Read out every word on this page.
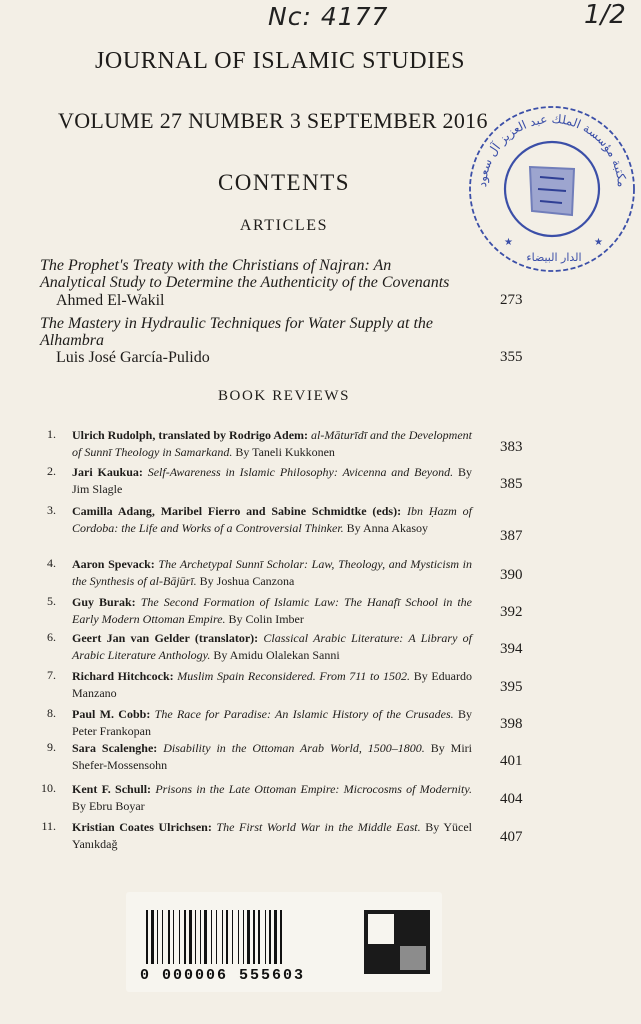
Nc: 4177	1/2
JOURNAL OF ISLAMIC STUDIES
VOLUME 27 NUMBER 3 SEPTEMBER 2016
CONTENTS
ARTICLES
The Prophet's Treaty with the Christians of Najran: An
Analytical Study to Determine the Authenticity of the Covenants
Ahmed El-Wakil	273
The Mastery in Hydraulic Techniques for Water Supply at the
Alhambra
Luis José García-Pulido	355
BOOK REVIEWS
1. Ulrich Rudolph, translated by Rodrigo Adem: al-Māturīdī and the Development of Sunnī Theology in Samarkand. By Taneli Kukkonen	383
2. Jari Kaukua: Self-Awareness in Islamic Philosophy: Avicenna and Beyond. By Jim Slagle	385
3. Camilla Adang, Maribel Fierro and Sabine Schmidtke (eds): Ibn Ḥazm of Cordoba: the Life and Works of a Controversial Thinker. By Anna Akasoy	387
4. Aaron Spevack: The Archetypal Sunnī Scholar: Law, Theology, and Mysticism in the Synthesis of al-Bājūrī. By Joshua Canzona	390
5. Guy Burak: The Second Formation of Islamic Law: The Hanafī School in the Early Modern Ottoman Empire. By Colin Imber	392
6. Geert Jan van Gelder (translator): Classical Arabic Literature: A Library of Arabic Literature Anthology. By Amidu Olalekan Sanni	394
7. Richard Hitchcock: Muslim Spain Reconsidered. From 711 to 1502. By Eduardo Manzano	395
8. Paul M. Cobb: The Race for Paradise: An Islamic History of the Crusades. By Peter Frankopan	398
9. Sara Scalenghe: Disability in the Ottoman Arab World, 1500–1800. By Miri Shefer-Mossensohn	401
10. Kent F. Schull: Prisons in the Late Ottoman Empire: Microcosms of Modernity. By Ebru Boyar	404
11. Kristian Coates Ulrichsen: The First World War in the Middle East. By Yücel Yanıkdağ	407
مكتبة مؤسسة الملك عبد العزيز آل سعود
الدار البيضاء
★	★
0 000006 555603
